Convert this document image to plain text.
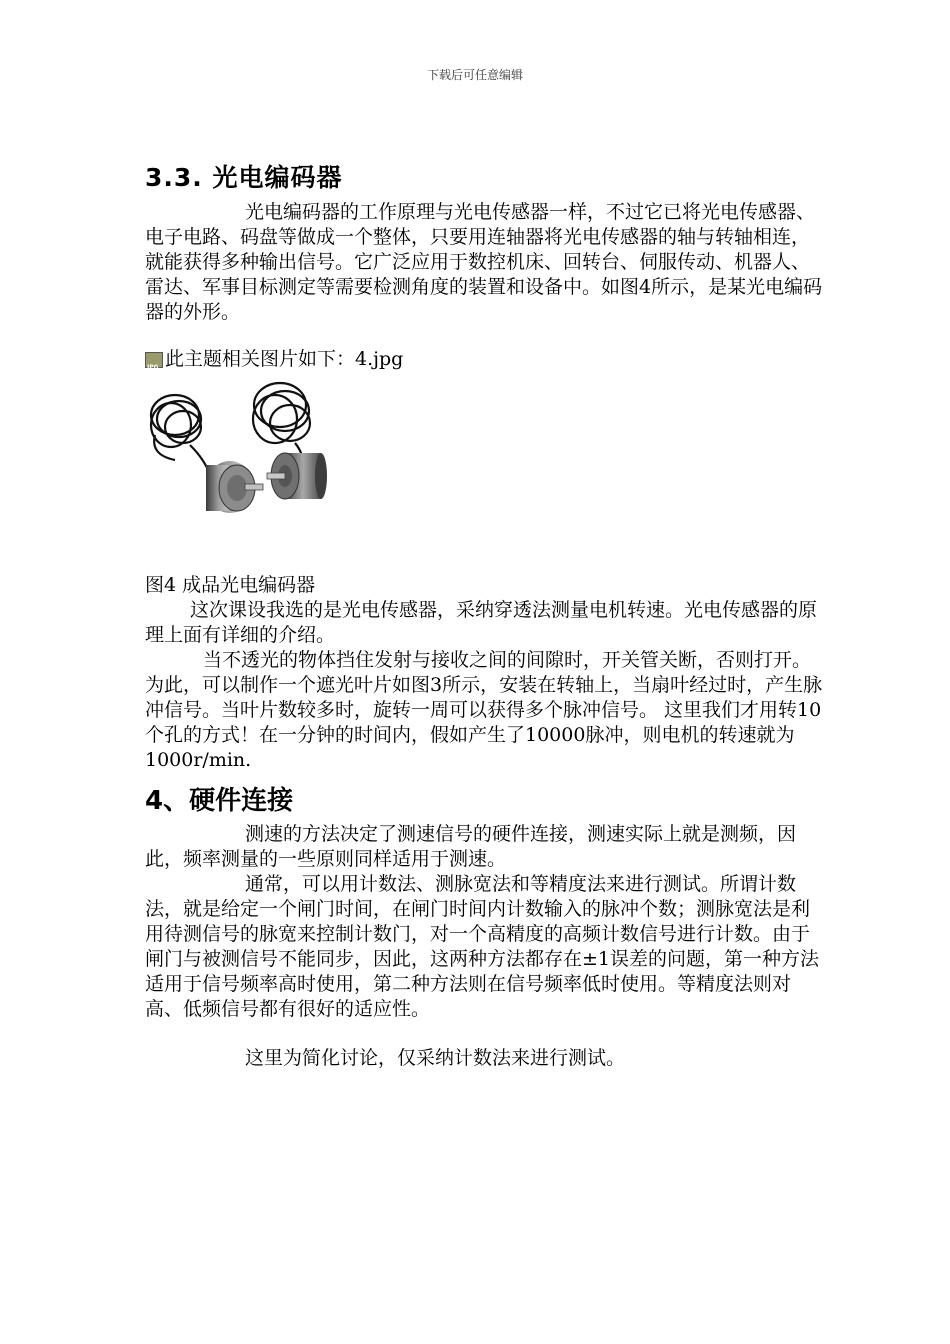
下载后可任意编辑
3.3. 光电编码器

光电编码器的工作原理与光电传感器一样，不过它已将光电传感器、电子电路、码盘等做成一个整体，只要用连轴器将光电传感器的轴与转轴相连，就能获得多种输出信号。它广泛应用于数控机床、回转台、伺服传动、机器人、雷达、军事目标测定等需要检测角度的装置和设备中。如图4所示，是某光电编码器的外形。

JPG
此主题相关图片如下：4.jpg
图4 成品光电编码器

这次课设我选的是光电传感器，采纳穿透法测量电机转速。光电传感器的原理上面有详细的介绍。

当不透光的物体挡住发射与接收之间的间隙时，开关管关断，否则打开。为此，可以制作一个遮光叶片如图3所示，安装在转轴上，当扇叶经过时，产生脉冲信号。当叶片数较多时，旋转一周可以获得多个脉冲信号。 这里我们才用转10个孔的方式！在一分钟的时间内，假如产生了10000脉冲，则电机的转速就为1000r/min.

4、硬件连接

测速的方法决定了测速信号的硬件连接，测速实际上就是测频，因此，频率测量的一些原则同样适用于测速。

通常，可以用计数法、测脉宽法和等精度法来进行测试。所谓计数法，就是给定一个闸门时间，在闸门时间内计数输入的脉冲个数；测脉宽法是利用待测信号的脉宽来控制计数门，对一个高精度的高频计数信号进行计数。由于闸门与被测信号不能同步，因此，这两种方法都存在±1误差的问题，第一种方法适用于信号频率高时使用，第二种方法则在信号频率低时使用。等精度法则对高、低频信号都有很好的适应性。

这里为简化讨论，仅采纳计数法来进行测试。
